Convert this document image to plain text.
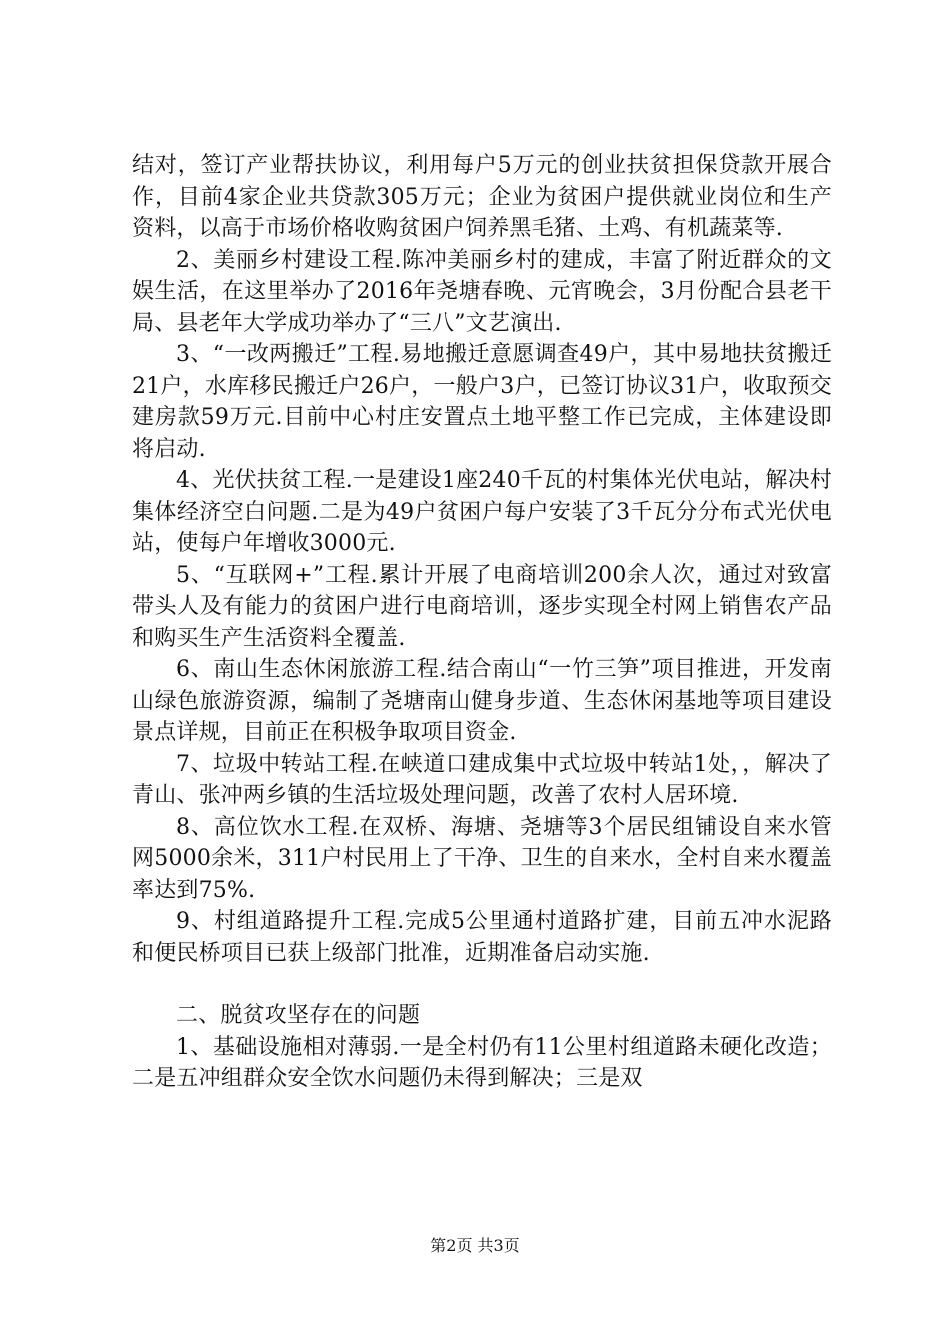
结对，签订产业帮扶协议，利用每户5万元的创业扶贫担保贷款开展合作，目前4家企业共贷款305万元；企业为贫困户提供就业岗位和生产资料，以高于市场价格收购贫困户饲养黑毛猪、土鸡、有机蔬菜等.

2、美丽乡村建设工程.陈冲美丽乡村的建成，丰富了附近群众的文娱生活，在这里举办了2016年尧塘春晚、元宵晚会，3月份配合县老干局、县老年大学成功举办了“三八”文艺演出.

3、“一改两搬迁”工程.易地搬迁意愿调查49户，其中易地扶贫搬迁21户，水库移民搬迁户26户，一般户3户，已签订协议31户，收取预交建房款59万元.目前中心村庄安置点土地平整工作已完成，主体建设即将启动.

4、光伏扶贫工程.一是建设1座240千瓦的村集体光伏电站，解决村集体经济空白问题.二是为49户贫困户每户安装了3千瓦分分布式光伏电站，使每户年增收3000元.

5、“互联网+”工程.累计开展了电商培训200余人次，通过对致富带头人及有能力的贫困户进行电商培训，逐步实现全村网上销售农产品和购买生产生活资料全覆盖.

6、南山生态休闲旅游工程.结合南山“一竹三笋”项目推进，开发南山绿色旅游资源，编制了尧塘南山健身步道、生态休闲基地等项目建设景点详规，目前正在积极争取项目资金.

7、垃圾中转站工程.在峡道口建成集中式垃圾中转站1处，，解决了青山、张冲两乡镇的生活垃圾处理问题，改善了农村人居环境.

8、高位饮水工程.在双桥、海塘、尧塘等3个居民组铺设自来水管网5000余米，311户村民用上了干净、卫生的自来水，全村自来水覆盖率达到75%.

9、村组道路提升工程.完成5公里通村道路扩建，目前五冲水泥路和便民桥项目已获上级部门批准，近期准备启动实施.

二、脱贫攻坚存在的问题

1、基础设施相对薄弱.一是全村仍有11公里村组道路未硬化改造；二是五冲组群众安全饮水问题仍未得到解决；三是双

第2页 共3页
